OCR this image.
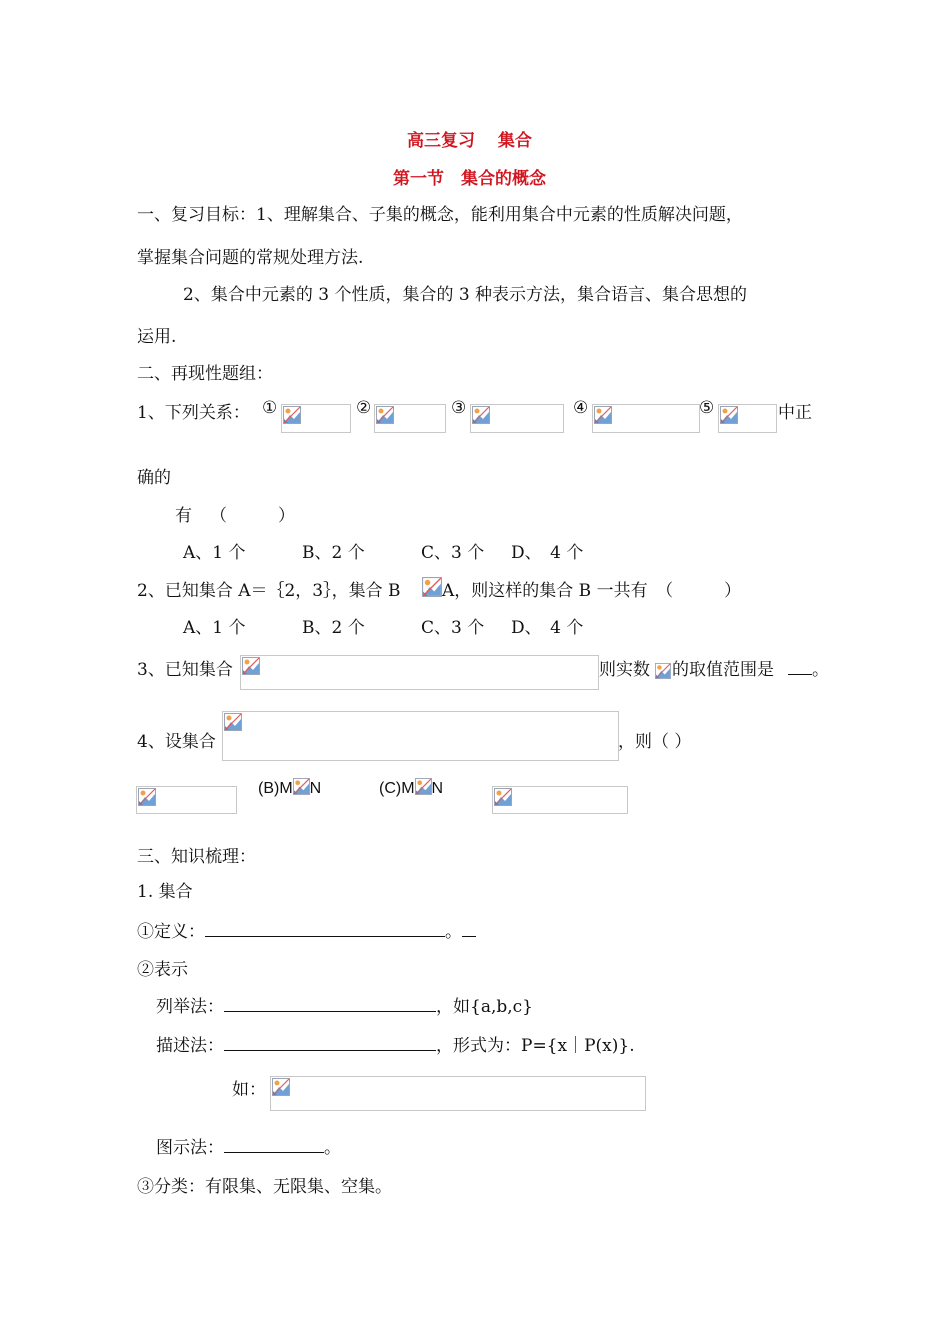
高三复习　 集合
第一节　集合的概念
一、复习目标：1、理解集合、子集的概念，能利用集合中元素的性质解决问题，
掌握集合问题的常规处理方法.
2、集合中元素的 3 个性质，集合的 3 种表示方法，集合语言、集合思想的
运用.
二、再现性题组：
1、下列关系： ①	②	③	④	⑤	中正
确的
有 （　　　）
A、1 个	B、2 个	C、3 个 D、　4 个
2、已知集合 A＝｛2，3｝，集合 B A，则这样的集合 B 一共有　（　　　）
A、1 个	B、2 个	C、3 个 D、　4 个
3、已知集合	则实数 的取值范围是	。
4、设集合	，则（ ）
(B)M N	(C)M N
三、知识梳理：
1. 集合
①定义：	。
②表示
列举法：	，如{a,b,c}
描述法：	，形式为：P={x｜P(x)}.
如：
图示法：	。
③分类：有限集、无限集、空集。
